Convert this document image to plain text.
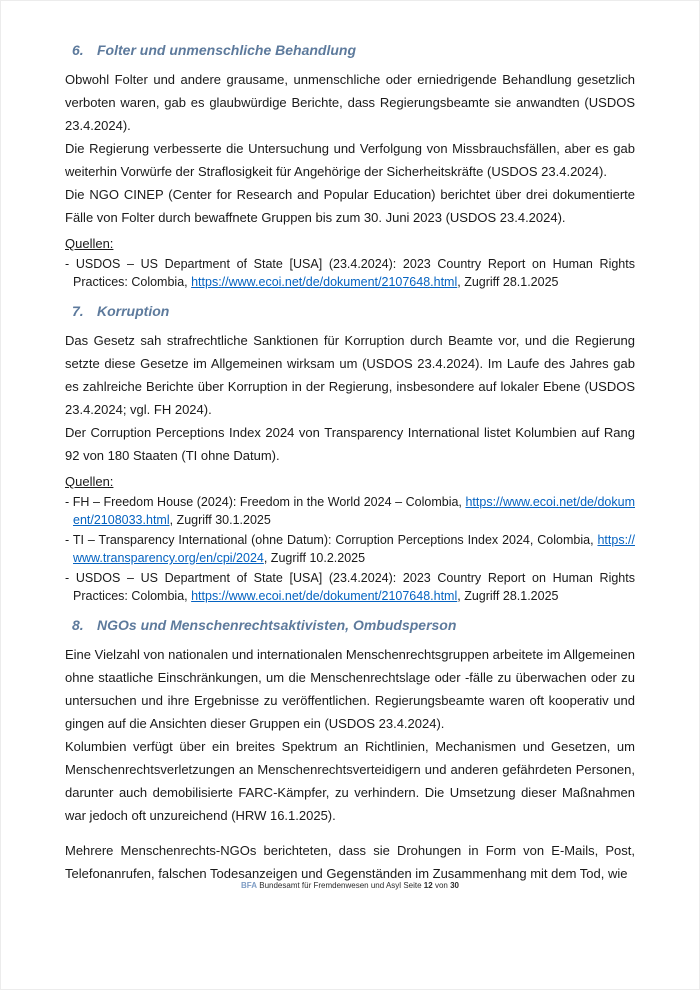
6. Folter und unmenschliche Behandlung

Obwohl Folter und andere grausame, unmenschliche oder erniedrigende Behandlung gesetzlich verboten waren, gab es glaubwürdige Berichte, dass Regierungsbeamte sie anwandten (USDOS 23.4.2024).

Die Regierung verbesserte die Untersuchung und Verfolgung von Missbrauchsfällen, aber es gab weiterhin Vorwürfe der Straflosigkeit für Angehörige der Sicherheitskräfte (USDOS 23.4.2024).

Die NGO CINEP (Center for Research and Popular Education) berichtet über drei dokumentierte Fälle von Folter durch bewaffnete Gruppen bis zum 30. Juni 2023 (USDOS 23.4.2024).

Quellen:
- USDOS – US Department of State [USA] (23.4.2024): 2023 Country Report on Human Rights Practices: Colombia, https://www.ecoi.net/de/dokument/2107648.html, Zugriff 28.1.2025
7. Korruption

Das Gesetz sah strafrechtliche Sanktionen für Korruption durch Beamte vor, und die Regierung setzte diese Gesetze im Allgemeinen wirksam um (USDOS 23.4.2024). Im Laufe des Jahres gab es zahlreiche Berichte über Korruption in der Regierung, insbesondere auf lokaler Ebene (USDOS 23.4.2024; vgl. FH 2024).

Der Corruption Perceptions Index 2024 von Transparency International listet Kolumbien auf Rang 92 von 180 Staaten (TI ohne Datum).

Quellen:
- FH – Freedom House (2024): Freedom in the World 2024 – Colombia, https://www.ecoi.net/de/dokument/2108033.html, Zugriff 30.1.2025
- TI – Transparency International (ohne Datum): Corruption Perceptions Index 2024, Colombia, https://www.transparency.org/en/cpi/2024, Zugriff 10.2.2025
- USDOS – US Department of State [USA] (23.4.2024): 2023 Country Report on Human Rights Practices: Colombia, https://www.ecoi.net/de/dokument/2107648.html, Zugriff 28.1.2025
8. NGOs und Menschenrechtsaktivisten, Ombudsperson

Eine Vielzahl von nationalen und internationalen Menschenrechtsgruppen arbeitete im Allgemeinen ohne staatliche Einschränkungen, um die Menschenrechtslage oder -fälle zu überwachen oder zu untersuchen und ihre Ergebnisse zu veröffentlichen. Regierungsbeamte waren oft kooperativ und gingen auf die Ansichten dieser Gruppen ein (USDOS 23.4.2024).

Kolumbien verfügt über ein breites Spektrum an Richtlinien, Mechanismen und Gesetzen, um Menschenrechtsverletzungen an Menschenrechtsverteidigern und anderen gefährdeten Personen, darunter auch demobilisierte FARC-Kämpfer, zu verhindern. Die Umsetzung dieser Maßnahmen war jedoch oft unzureichend (HRW 16.1.2025).

Mehrere Menschenrechts-NGOs berichteten, dass sie Drohungen in Form von E-Mails, Post, Telefonanrufen, falschen Todesanzeigen und Gegenständen im Zusammenhang mit dem Tod, wie

BFA Bundesamt für Fremdenwesen und Asyl Seite 12 von 30
